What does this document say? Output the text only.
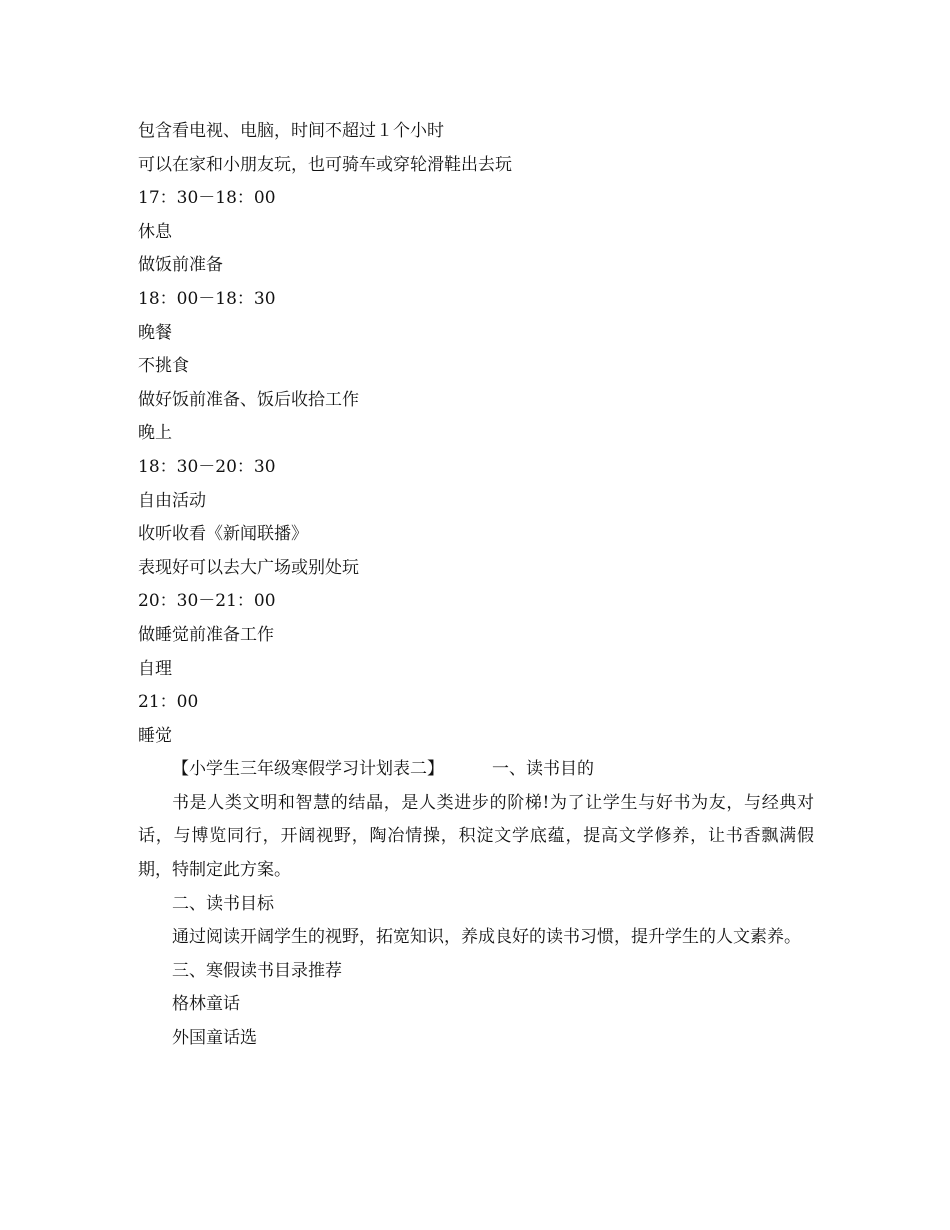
包含看电视、电脑，时间不超过１个小时

可以在家和小朋友玩，也可骑车或穿轮滑鞋出去玩

17：30－18：00

休息

做饭前准备

18：00－18：30

晚餐

不挑食

做好饭前准备、饭后收拾工作

晚上

18：30－20：30

自由活动

收听收看《新闻联播》

表现好可以去大广场或别处玩

20：30－21：00

做睡觉前准备工作

自理

21：00

睡觉

【小学生三年级寒假学习计划表二】	一、读书目的

书是人类文明和智慧的结晶，是人类进步的阶梯!为了让学生与好书为友，与经典对话，与博览同行，开阔视野，陶冶情操，积淀文学底蕴，提高文学修养，让书香飘满假期，特制定此方案。

二、读书目标

通过阅读开阔学生的视野，拓宽知识，养成良好的读书习惯，提升学生的人文素养。

三、寒假读书目录推荐

格林童话

外国童话选
